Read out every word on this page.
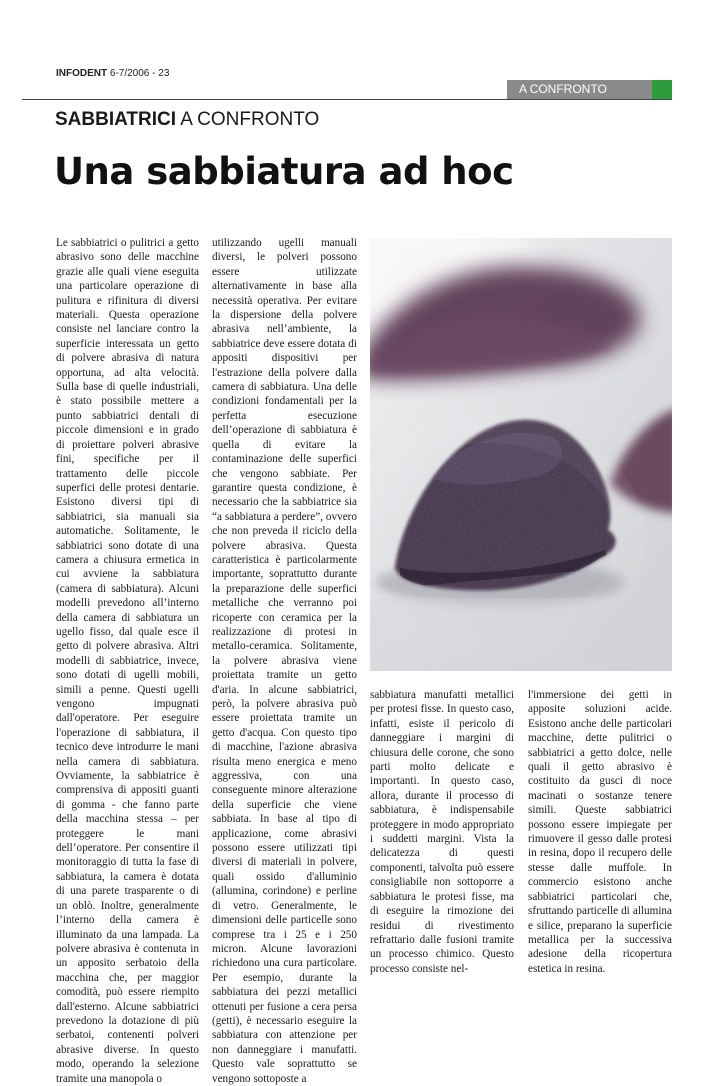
INFODENT 6-7/2006 - 23
A CONFRONTO
SABBIATRICI A CONFRONTO
Una sabbiatura ad hoc

Le sabbiatrici o pulitrici a getto abrasivo sono delle macchine grazie alle quali viene eseguita una particolare operazione di pulitura e rifinitura di diversi materiali. Questa operazione consiste nel lanciare contro la superficie interessata un getto di polvere abrasiva di natura opportuna, ad alta velocità. Sulla base di quelle industriali, è stato possibile mettere a punto sabbiatrici dentali di piccole dimensioni e in grado di proiettare polveri abrasive fini, specifiche per il trattamento delle piccole superfici delle protesi dentarie. Esistono diversi tipi di sabbiatrici, sia manuali sia automatiche. Solitamente, le sabbiatrici sono dotate di una camera a chiusura ermetica in cui avviene la sabbiatura (camera di sabbiatura). Alcuni modelli prevedono all’interno della camera di sabbiatura un ugello fisso, dal quale esce il getto di polvere abrasiva. Altri modelli di sabbiatrice, invece, sono dotati di ugelli mobili, simili a penne. Questi ugelli vengono impugnati dall'operatore. Per eseguire l'operazione di sabbiatura, il tecnico deve introdurre le mani nella camera di sabbiatura. Ovviamente, la sabbiatrice è comprensiva di appositi guanti di gomma - che fanno parte della macchina stessa – per proteggere le mani dell’operatore. Per consentire il monitoraggio di tutta la fase di sabbiatura, la camera è dotata di una parete trasparente o di un oblò. Inoltre, generalmente l’interno della camera è illuminato da una lampada. La polvere abrasiva è contenuta in un apposito serbatoio della macchina che, per maggior comodità, può essere riempito dall'esterno. Alcune sabbiatrici prevedono la dotazione di più serbatoi, contenenti polveri abrasive diverse. In questo modo, operando la selezione tramite una manopola o

utilizzando ugelli manuali diversi, le polveri possono essere utilizzate alternativamente in base alla necessità operativa. Per evitare la dispersione della polvere abrasiva nell’ambiente, la sabbiatrice deve essere dotata di appositi dispositivi per l'estrazione della polvere dalla camera di sabbiatura. Una delle condizioni fondamentali per la perfetta esecuzione dell’operazione di sabbiatura è quella di evitare la contaminazione delle superfici che vengono sabbiate. Per garantire questa condizione, è necessario che la sabbiatrice sia “a sabbiatura a perdere”, ovvero che non preveda il riciclo della polvere abrasiva. Questa caratteristica è particolarmente importante, soprattutto durante la preparazione delle superfici metalliche che verranno poi ricoperte con ceramica per la realizzazione di protesi in metallo-ceramica. Solitamente, la polvere abrasiva viene proiettata tramite un getto d'aria. In alcune sabbiatrici, però, la polvere abrasiva può essere proiettata tramite un getto d'acqua. Con questo tipo di macchine, l'azione abrasiva risulta meno energica e meno aggressiva, con una conseguente minore alterazione della superficie che viene sabbiata. In base al tipo di applicazione, come abrasivi possono essere utilizzati tipi diversi di materiali in polvere, quali ossido d'alluminio (allumina, corindone) e perline di vetro. Generalmente, le dimensioni delle particelle sono comprese tra i 25 e i 250 micron. Alcune lavorazioni richiedono una cura particolare. Per esempio, durante la sabbiatura dei pezzi metallici ottenuti per fusione a cera persa (getti), è necessario eseguire la sabbiatura con attenzione per non danneggiare i manufatti. Questo vale soprattutto se vengono sottoposte a

sabbiatura manufatti metallici per protesi fisse. In questo caso, infatti, esiste il pericolo di danneggiare i margini di chiusura delle corone, che sono parti molto delicate e importanti. In questo caso, allora, durante il processo di sabbiatura, è indispensabile proteggere in modo appropriato i suddetti margini. Vista la delicatezza di questi componenti, talvolta può essere consigliabile non sottoporre a sabbiatura le protesi fisse, ma di eseguire la rimozione dei residui di rivestimento refrattario dalle fusioni tramite un processo chimico. Questo processo consiste nel-

l'immersione dei getti in apposite soluzioni acide. Esistono anche delle particolari macchine, dette pulitrici o sabbiatrici a getto dolce, nelle quali il getto abrasivo è costituito da gusci di noce macinati o sostanze tenere simili. Queste sabbiatrici possono essere impiegate per rimuovere il gesso dalle protesi in resina, dopo il recupero delle stesse dalle muffole. In commercio esistono anche sabbiatrici particolari che, sfruttando particelle di allumina e silice, preparano la superficie metallica per la successiva adesione della ricopertura estetica in resina.
